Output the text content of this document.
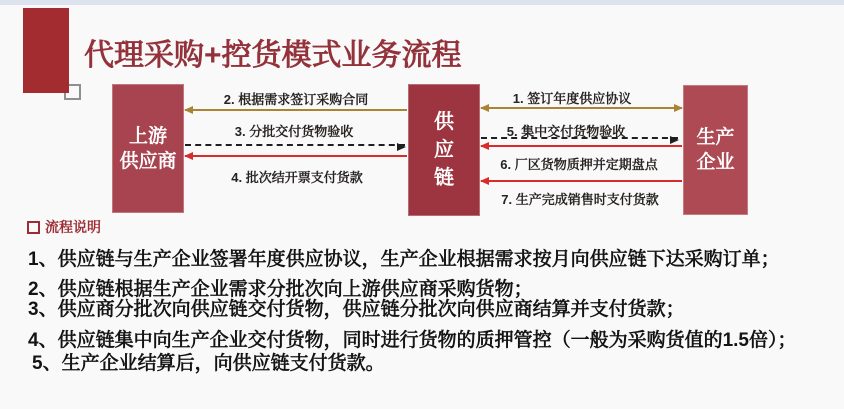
代理采购+控货模式业务流程
上游
供应商
供
应
链
生产
企业
2. 根据需求签订采购合同
3. 分批交付货物验收
4. 批次结开票支付货款
1. 签订年度供应协议
5. 集中交付货物验收
6. 厂区货物质押并定期盘点
7. 生产完成销售时支付货款
流程说明
1、供应链与生产企业签署年度供应协议，生产企业根据需求按月向供应链下达采购订单；
2、供应链根据生产企业需求分批次向上游供应商采购货物；
3、供应商分批次向供应链交付货物，供应链分批次向供应商结算并支付货款；
4、供应链集中向生产企业交付货物，同时进行货物的质押管控（一般为采购货值的1.5倍）；
5、生产企业结算后，向供应链支付货款。
